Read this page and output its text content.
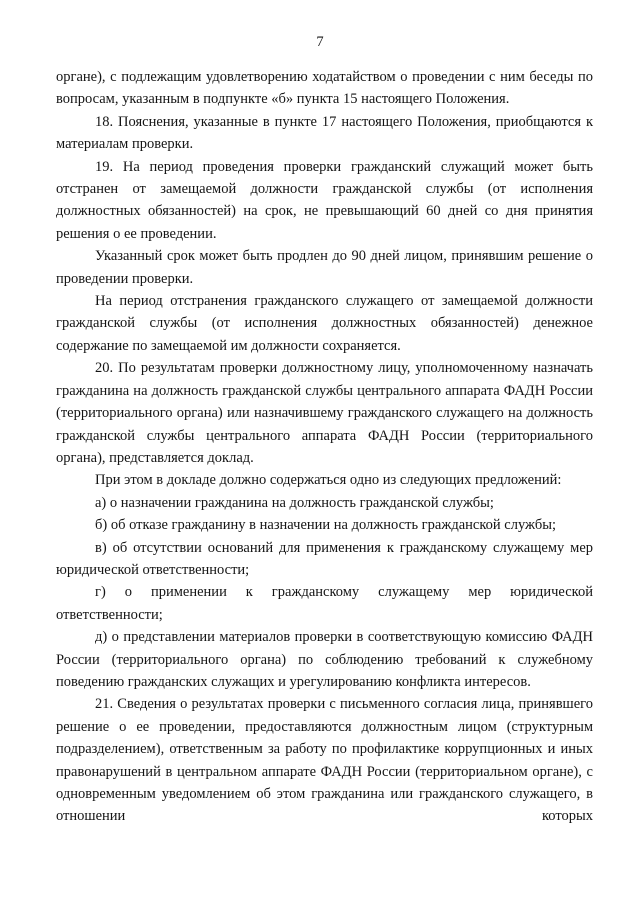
7

органе), с подлежащим удовлетворению ходатайством о проведении с ним беседы по вопросам, указанным в подпункте «б» пункта 15 настоящего Положения.

18. Пояснения, указанные в пункте 17 настоящего Положения, приобщаются к материалам проверки.

19. На период проведения проверки гражданский служащий может быть отстранен от замещаемой должности гражданской службы (от исполнения должностных обязанностей) на срок, не превышающий 60 дней со дня принятия решения о ее проведении.

Указанный срок может быть продлен до 90 дней лицом, принявшим решение о проведении проверки.

На период отстранения гражданского служащего от замещаемой должности гражданской службы (от исполнения должностных обязанностей) денежное содержание по замещаемой им должности сохраняется.

20. По результатам проверки должностному лицу, уполномоченному назначать гражданина на должность гражданской службы центрального аппарата ФАДН России (территориального органа) или назначившему гражданского служащего на должность гражданской службы центрального аппарата ФАДН России (территориального органа), представляется доклад.

При этом в докладе должно содержаться одно из следующих предложений:

а) о назначении гражданина на должность гражданской службы;

б) об отказе гражданину в назначении на должность гражданской службы;

в) об отсутствии оснований для применения к гражданскому служащему мер юридической ответственности;

г) о применении к гражданскому служащему мер юридической ответственности;

д) о представлении материалов проверки в соответствующую комиссию ФАДН России (территориального органа) по соблюдению требований к служебному поведению гражданских служащих и урегулированию конфликта интересов.

21. Сведения о результатах проверки с письменного согласия лица, принявшего решение о ее проведении, предоставляются должностным лицом (структурным подразделением), ответственным за работу по профилактике коррупционных и иных правонарушений в центральном аппарате ФАДН России (территориальном органе), с одновременным уведомлением об этом гражданина или гражданского служащего, в отношении которых
